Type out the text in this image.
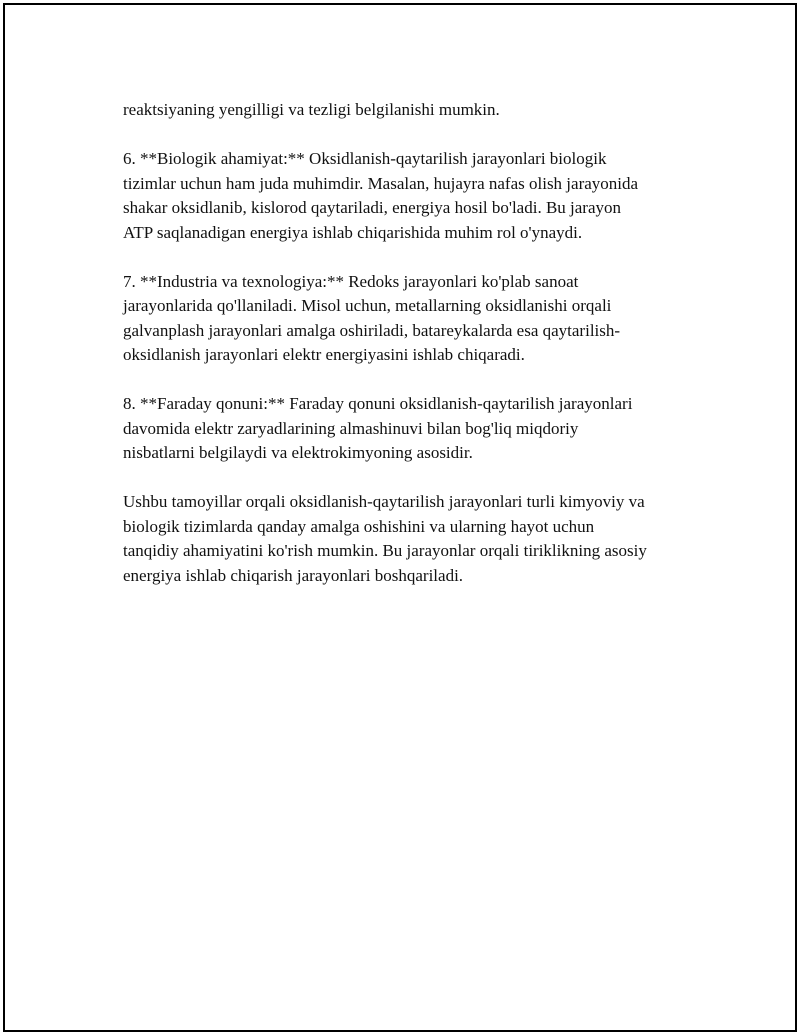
reaktsiyaning yengilligi va tezligi belgilanishi mumkin.

6. **Biologik ahamiyat:** Oksidlanish-qaytarilish jarayonlari biologik
tizimlar uchun ham juda muhimdir. Masalan, hujayra nafas olish jarayonida
shakar oksidlanib, kislorod qaytariladi, energiya hosil bo'ladi. Bu jarayon
ATP saqlanadigan energiya ishlab chiqarishida muhim rol o'ynaydi.

7. **Industria va texnologiya:** Redoks jarayonlari ko'plab sanoat
jarayonlarida qo'llaniladi. Misol uchun, metallarning oksidlanishi orqali
galvanplash jarayonlari amalga oshiriladi, batareykalarda esa qaytarilish-
oksidlanish jarayonlari elektr energiyasini ishlab chiqaradi.

8. **Faraday qonuni:** Faraday qonuni oksidlanish-qaytarilish jarayonlari
davomida elektr zaryadlarining almashinuvi bilan bog'liq miqdoriy
nisbatlarni belgilaydi va elektrokimyoning asosidir.

Ushbu tamoyillar orqali oksidlanish-qaytarilish jarayonlari turli kimyoviy va
biologik tizimlarda qanday amalga oshishini va ularning hayot uchun
tanqidiy ahamiyatini ko'rish mumkin. Bu jarayonlar orqali tiriklikning asosiy
energiya ishlab chiqarish jarayonlari boshqariladi.
